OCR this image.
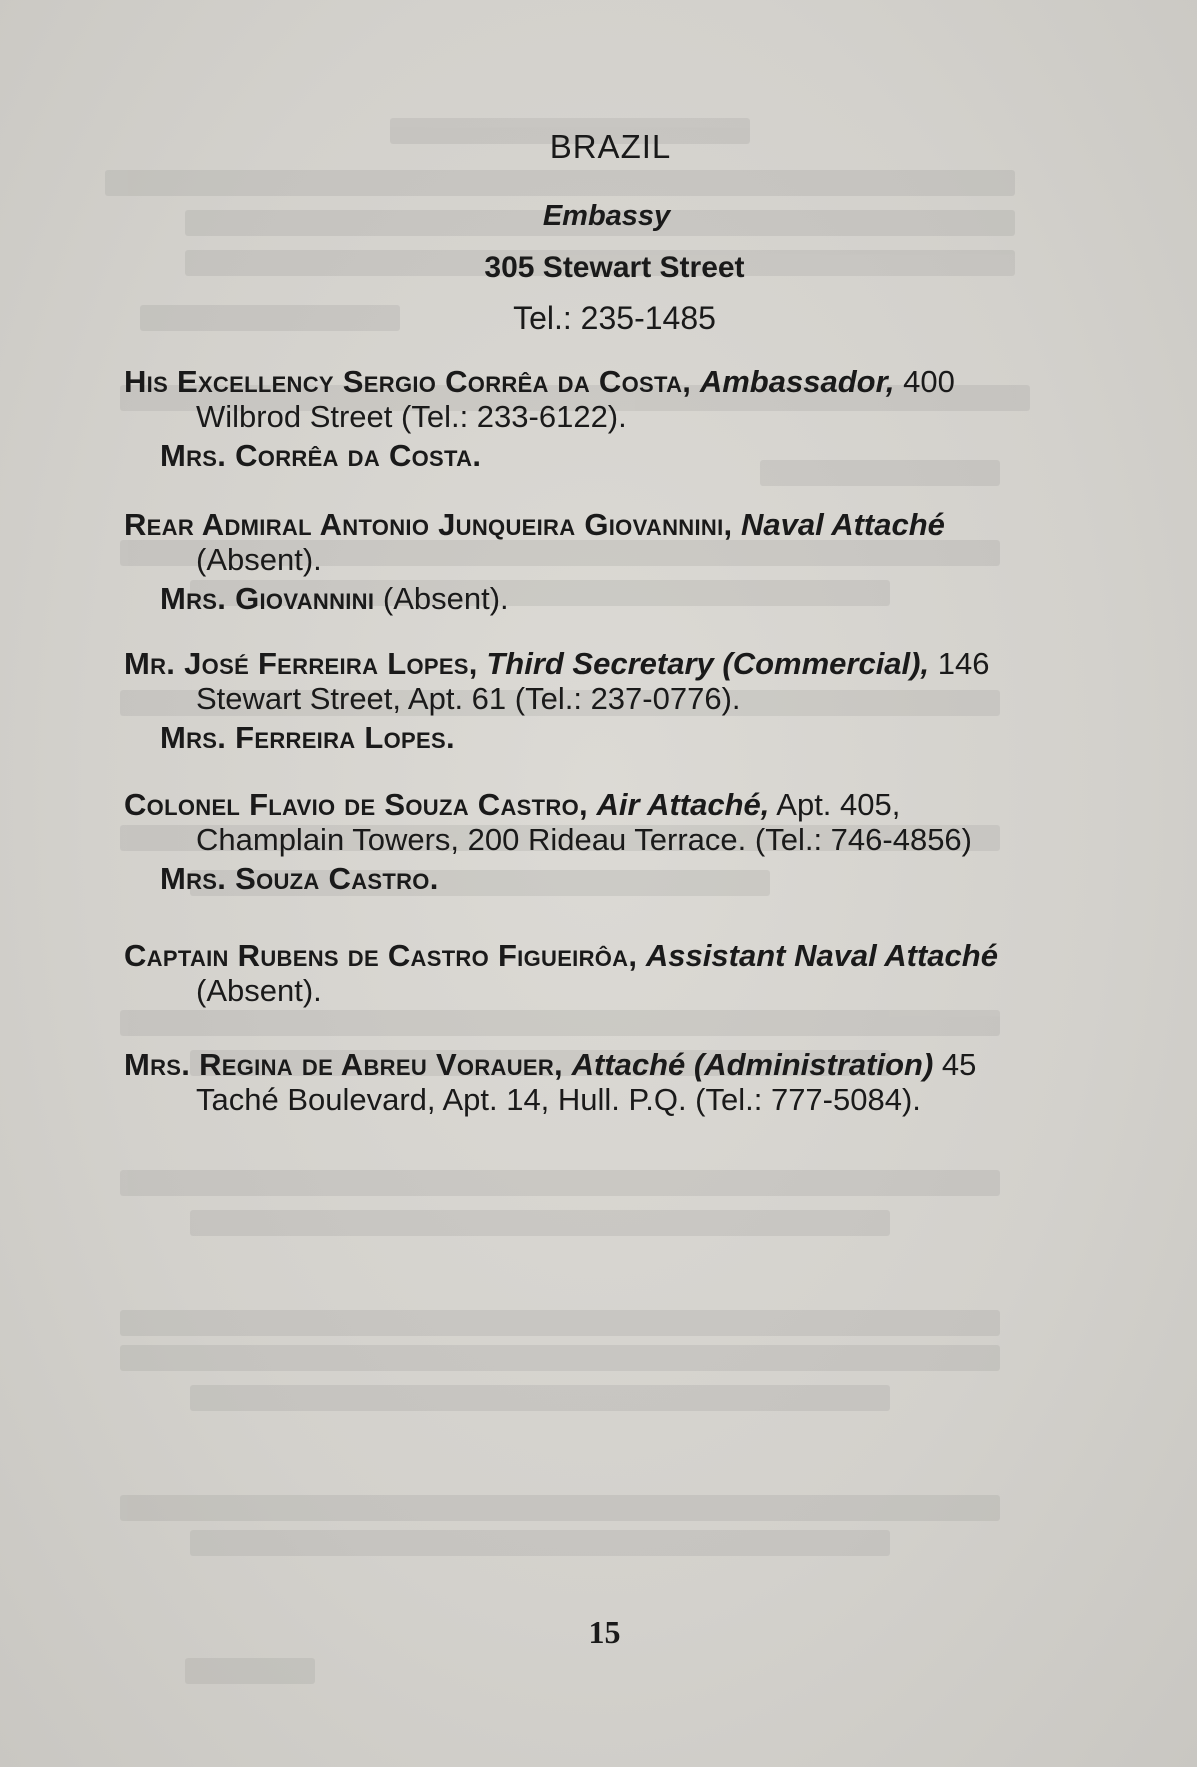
BRAZIL
Embassy
305 Stewart Street
Tel.: 235-1485
His Excellency Sergio Corrêa da Costa, Ambassador, 400 Wilbrod Street (Tel.: 233-6122).
Mrs. Corrêa da Costa.
Rear Admiral Antonio Junqueira Giovannini, Naval Attaché (Absent).
Mrs. Giovannini (Absent).
Mr. José Ferreira Lopes, Third Secretary (Commercial), 146 Stewart Street, Apt. 61 (Tel.: 237-0776).
Mrs. Ferreira Lopes.
Colonel Flavio de Souza Castro, Air Attaché, Apt. 405, Champlain Towers, 200 Rideau Terrace. (Tel.: 746-4856)
Mrs. Souza Castro.
Captain Rubens de Castro Figueirôa, Assistant Naval Attaché (Absent).
Mrs. Regina de Abreu Vorauer, Attaché (Administration) 45 Taché Boulevard, Apt. 14, Hull. P.Q. (Tel.: 777-5084).
15
